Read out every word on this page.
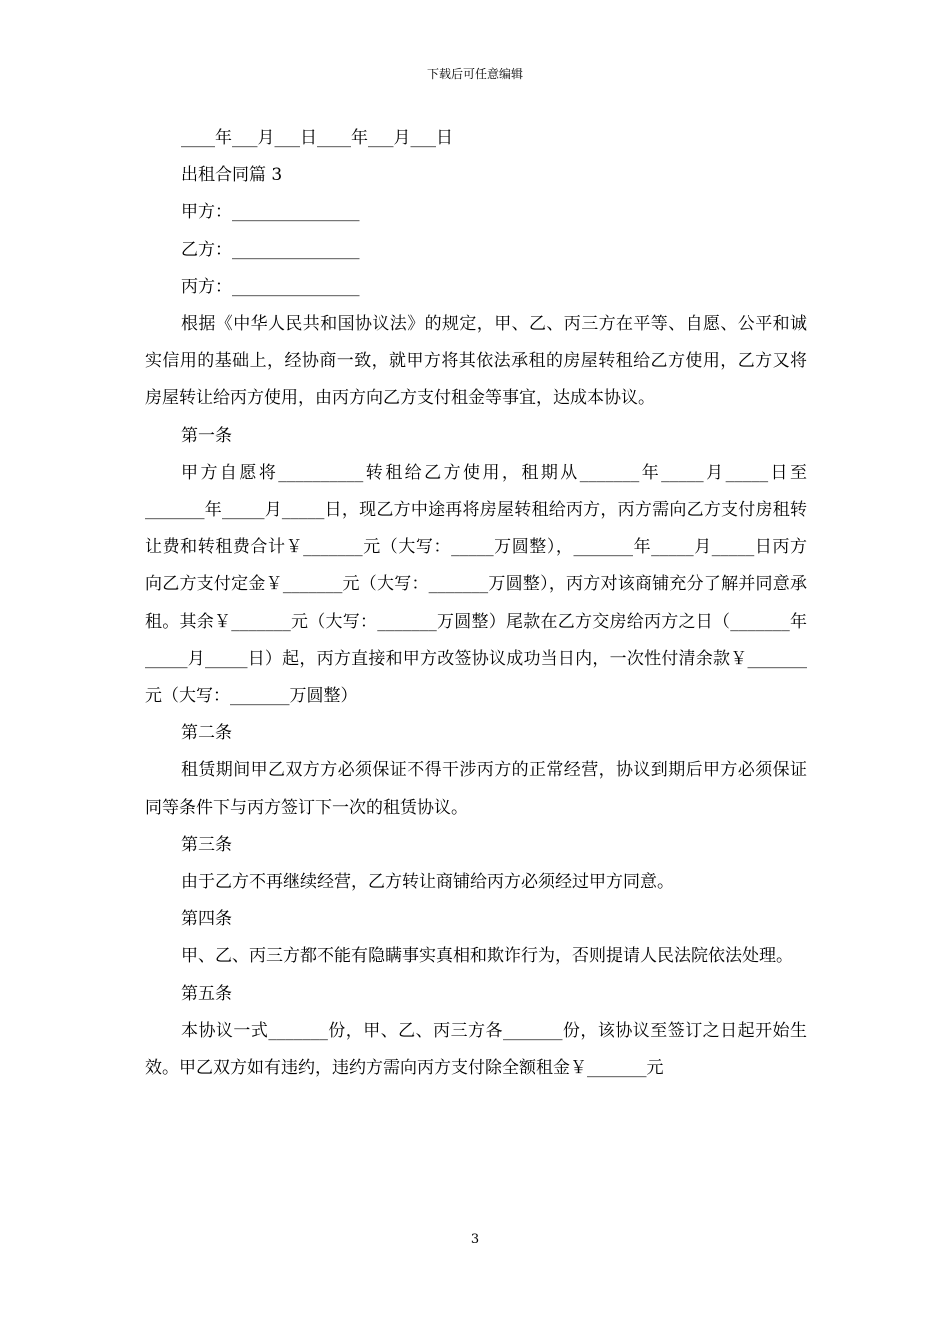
下载后可任意编辑

____年___月___日____年___月___日

出租合同篇 3

甲方：_______________

乙方：_______________

丙方：_______________

根据《中华人民共和国协议法》的规定，甲、乙、丙三方在平等、自愿、公平和诚实信用的基础上，经协商一致，就甲方将其依法承租的房屋转租给乙方使用，乙方又将房屋转让给丙方使用，由丙方向乙方支付租金等事宜，达成本协议。

第一条

甲方自愿将__________转租给乙方使用，租期从_______年_____月_____日至_______年_____月_____日，现乙方中途再将房屋转租给丙方，丙方需向乙方支付房租转让费和转租费合计￥_______元（大写：_____万圆整），_______年_____月_____日丙方向乙方支付定金￥_______元（大写：_______万圆整），丙方对该商铺充分了解并同意承租。其余￥_______元（大写：_______万圆整）尾款在乙方交房给丙方之日（_______年_____月_____日）起，丙方直接和甲方改签协议成功当日内，一次性付清余款￥_______元（大写：_______万圆整）

第二条

租赁期间甲乙双方方必须保证不得干涉丙方的正常经营，协议到期后甲方必须保证同等条件下与丙方签订下一次的租赁协议。

第三条

由于乙方不再继续经营，乙方转让商铺给丙方必须经过甲方同意。

第四条

甲、乙、丙三方都不能有隐瞒事实真相和欺诈行为，否则提请人民法院依法处理。

第五条

本协议一式_______份，甲、乙、丙三方各_______份，该协议至签订之日起开始生效。甲乙双方如有违约，违约方需向丙方支付除全额租金￥_______元

3
